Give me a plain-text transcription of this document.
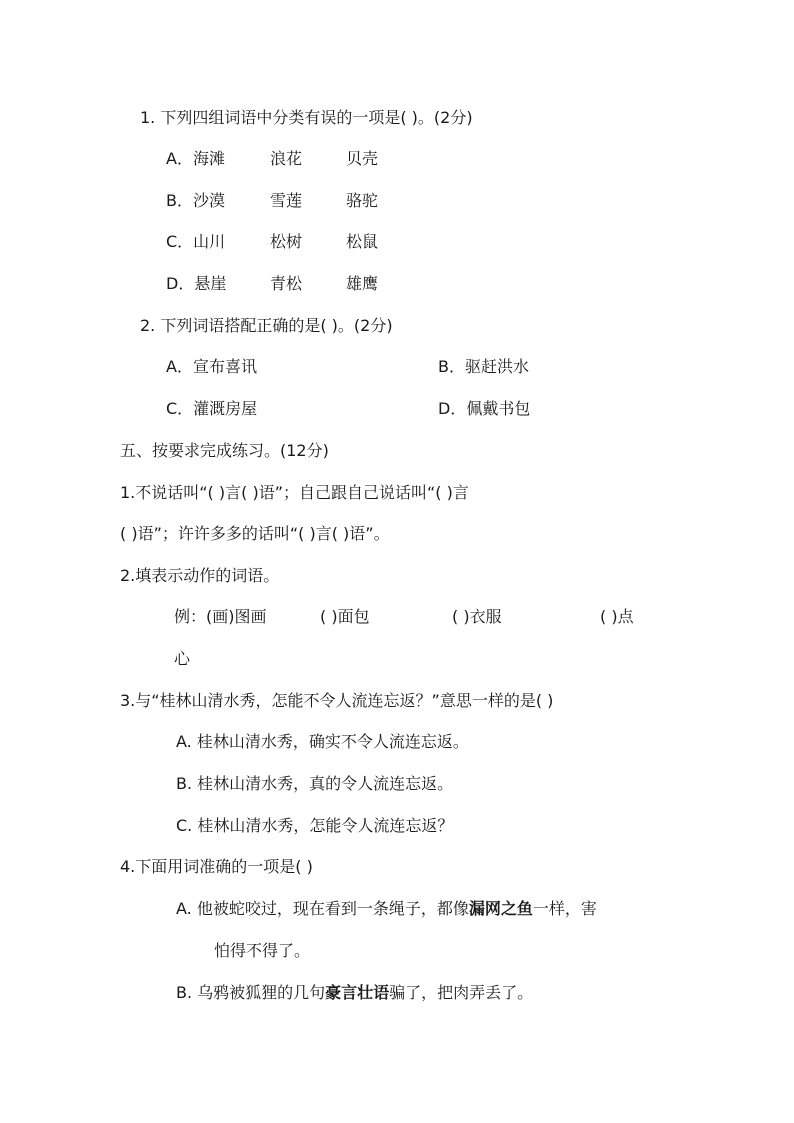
1. 下列四组词语中分类有误的一项是( )。(2分)
A．海滩	浪花	贝壳
B．沙漠	雪莲	骆驼
C．山川	松树	松鼠
D．悬崖	青松	雄鹰
2. 下列词语搭配正确的是( )。(2分)
A．宣布喜讯	B．驱赶洪水
C．灌溉房屋	D．佩戴书包
五、按要求完成练习。(12分)
1.不说话叫“( )言( )语”；自己跟自己说话叫“( )言
( )语”；许许多多的话叫“( )言( )语”。
2.填表示动作的词语。
例：(画)图画	( )面包	( )衣服	( )点
心
3.与“桂林山清水秀，怎能不令人流连忘返？”意思一样的是( )
A. 桂林山清水秀，确实不令人流连忘返。
B. 桂林山清水秀，真的令人流连忘返。
C. 桂林山清水秀，怎能令人流连忘返？
4.下面用词准确的一项是( )
A. 他被蛇咬过，现在看到一条绳子，都像漏网之鱼一样，害
怕得不得了。
B. 乌鸦被狐狸的几句豪言壮语骗了，把肉弄丢了。
